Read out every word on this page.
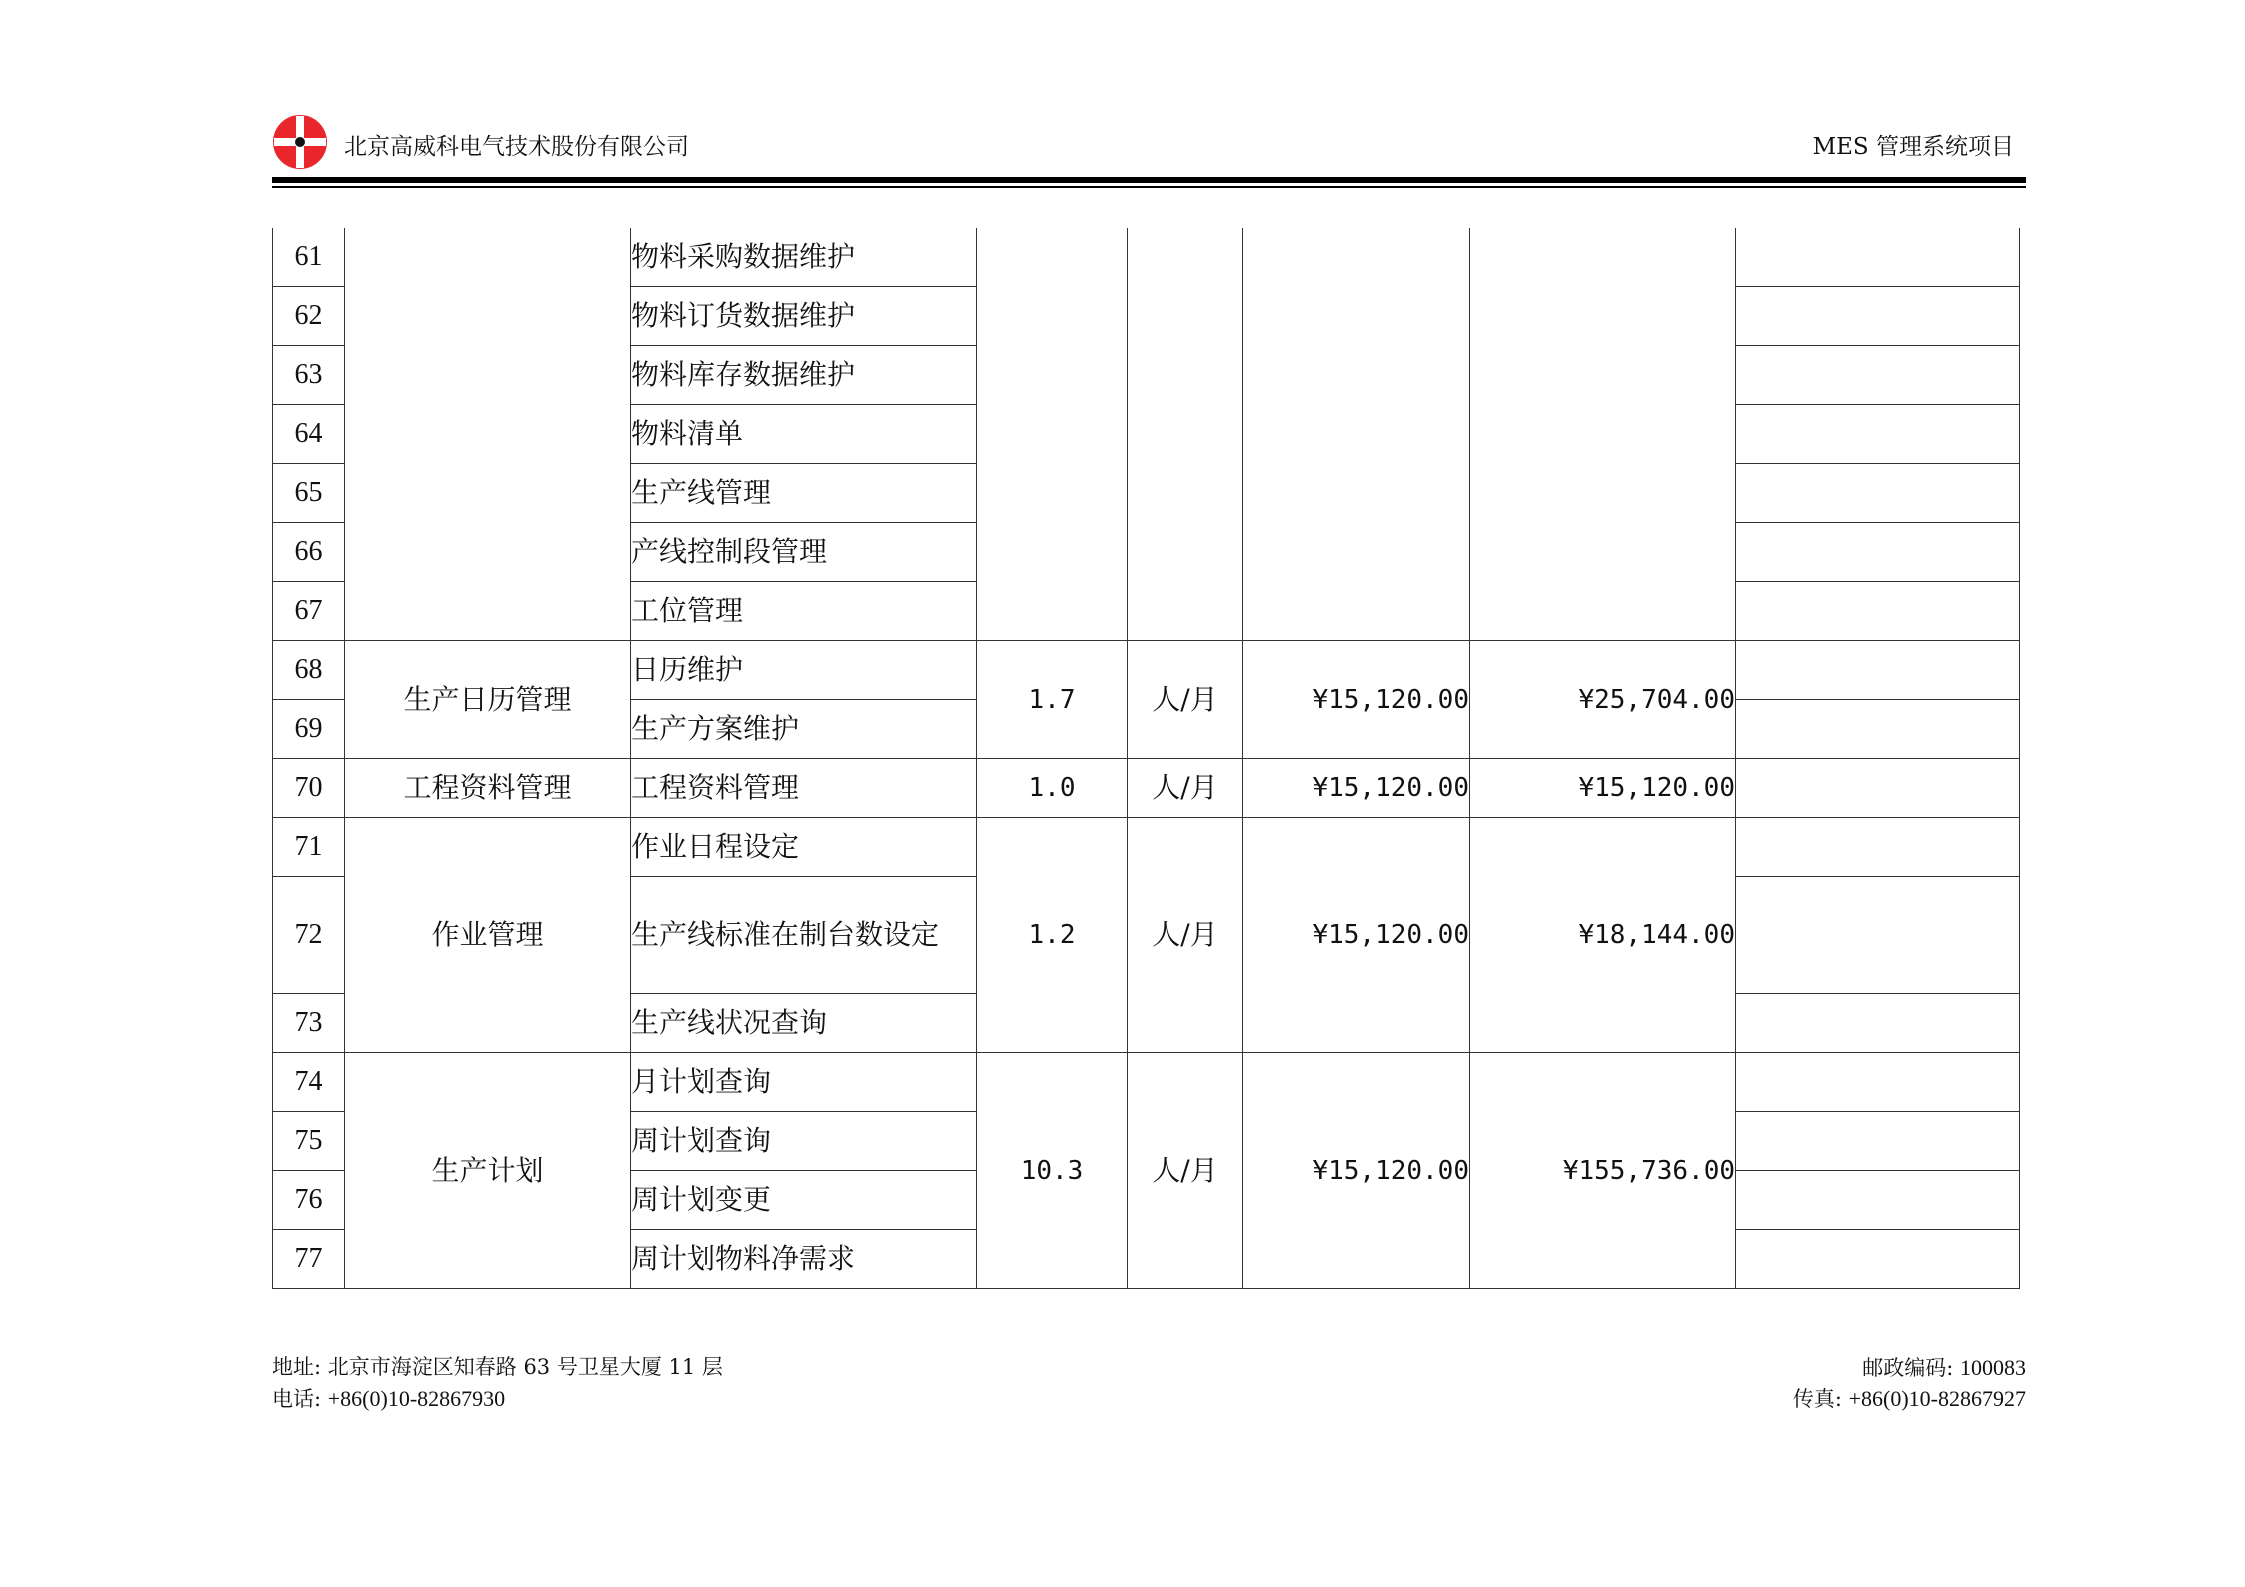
北京高威科电气技术股份有限公司	MES 管理系统项目
61		物料采购数据维护					
62		物料订货数据维护					
63		物料库存数据维护					
64		物料清单					
65		生产线管理					
66		产线控制段管理					
67		工位管理					
68	生产日历管理	日历维护	1.7	人/月	¥15,120.00	¥25,704.00	
69		生产方案维护					
70	工程资料管理	工程资料管理	1.0	人/月	¥15,120.00	¥15,120.00	
71	作业管理	作业日程设定	1.2	人/月	¥15,120.00	¥18,144.00	
72		生产线标准在制台数设定					
73		生产线状况查询					
74	生产计划	月计划查询	10.3	人/月	¥15,120.00	¥155,736.00	
75		周计划查询					
76		周计划变更					
77		周计划物料净需求					
地址: 北京市海淀区知春路 63 号卫星大厦 11 层	邮政编码: 100083
电话: +86(0)10-82867930	传真: +86(0)10-82867927
